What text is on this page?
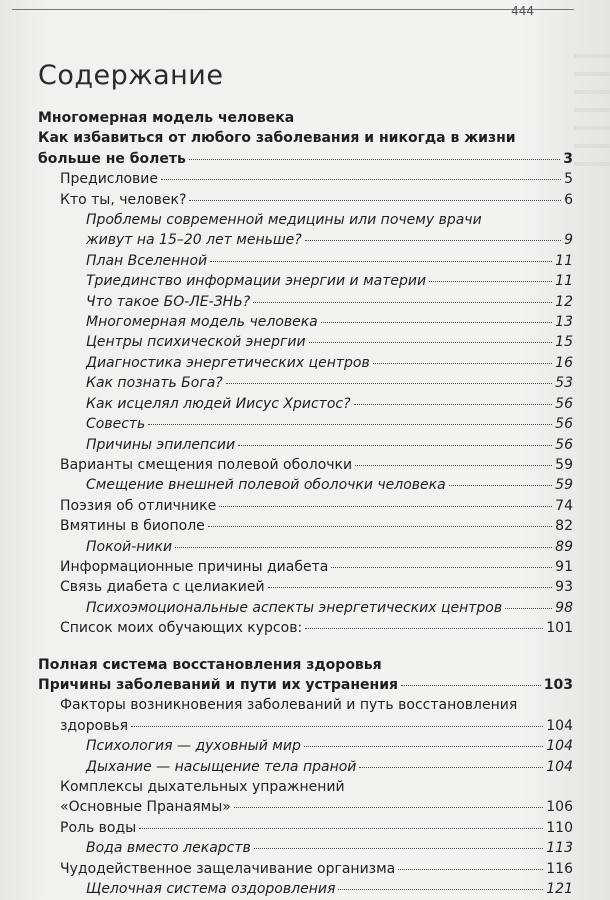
444
Содержание
Многомерная модель человека
Как избавиться от любого заболевания и никогда в жизни
больше не болеть	3
Предисловие	5
Кто ты, человек?	6
Проблемы современной медицины или почему врачи
живут на 15–20 лет меньше?	9
План Вселенной	11
Триединство информации энергии и материи	11
Что такое БО-ЛЕ-ЗНЬ?	12
Многомерная модель человека	13
Центры психической энергии	15
Диагностика энергетических центров	16
Как познать Бога?	53
Как исцелял людей Иисус Христос?	56
Совесть	56
Причины эпилепсии	56
Варианты смещения полевой оболочки	59
Смещение внешней полевой оболочки человека	59
Поэзия об отличнике	74
Вмятины в биополе	82
Покой-ники	89
Информационные причины диабета	91
Связь диабета с целиакией	93
Психоэмоциональные аспекты энергетических центров	98
Список моих обучающих курсов:	101
Полная система восстановления здоровья
Причины заболеваний и пути их устранения	103
Факторы возникновения заболеваний и путь восстановления
здоровья	104
Психология — духовный мир	104
Дыхание — насыщение тела праной	104
Комплексы дыхательных упражнений
«Основные Пранаямы»	106
Роль воды	110
Вода вместо лекарств	113
Чудодейственное защелачивание организма	116
Щелочная система оздоровления	121
